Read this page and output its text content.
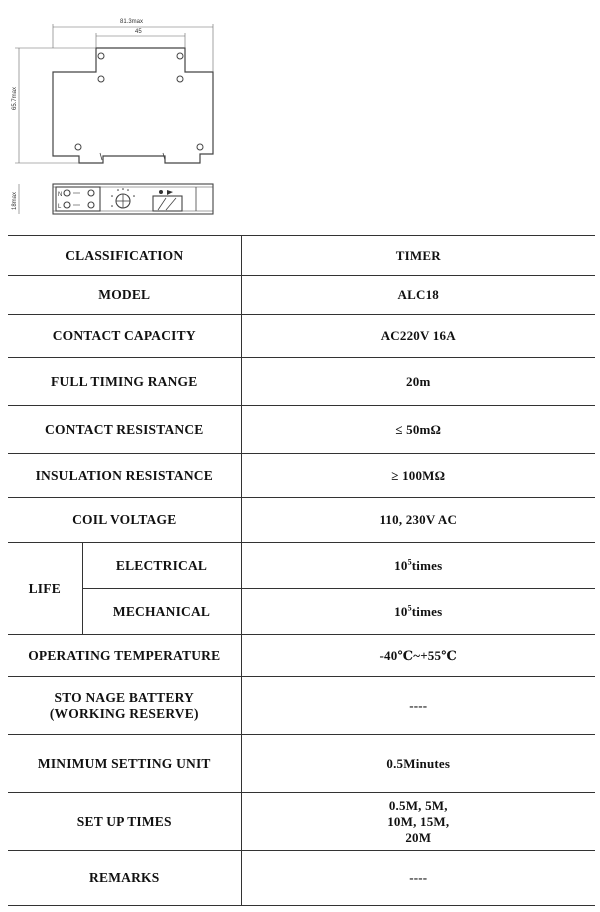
81.3max
45
65.7max
N
L
18max
CLASSIFICATION		TIMER
MODEL		ALC18
CONTACT CAPACITY		AC220V 16A
FULL TIMING RANGE		20m
CONTACT RESISTANCE		≤ 50mΩ
INSULATION RESISTANCE		≥ 100MΩ
COIL VOLTAGE		110, 230V AC
LIFE	ELECTRICAL	$10^5times$
	MECHANICAL	$10^5times$
OPERATING TEMPERATURE		-40℃~+55℃

STO NAGE BATTERY
(WORKING RESERVE)		----
MINIMUM SETTING UNIT		0.5Minutes
SET UP TIMES		0.5M, 5M,
10M, 15M,
20M

REMARKS		----
